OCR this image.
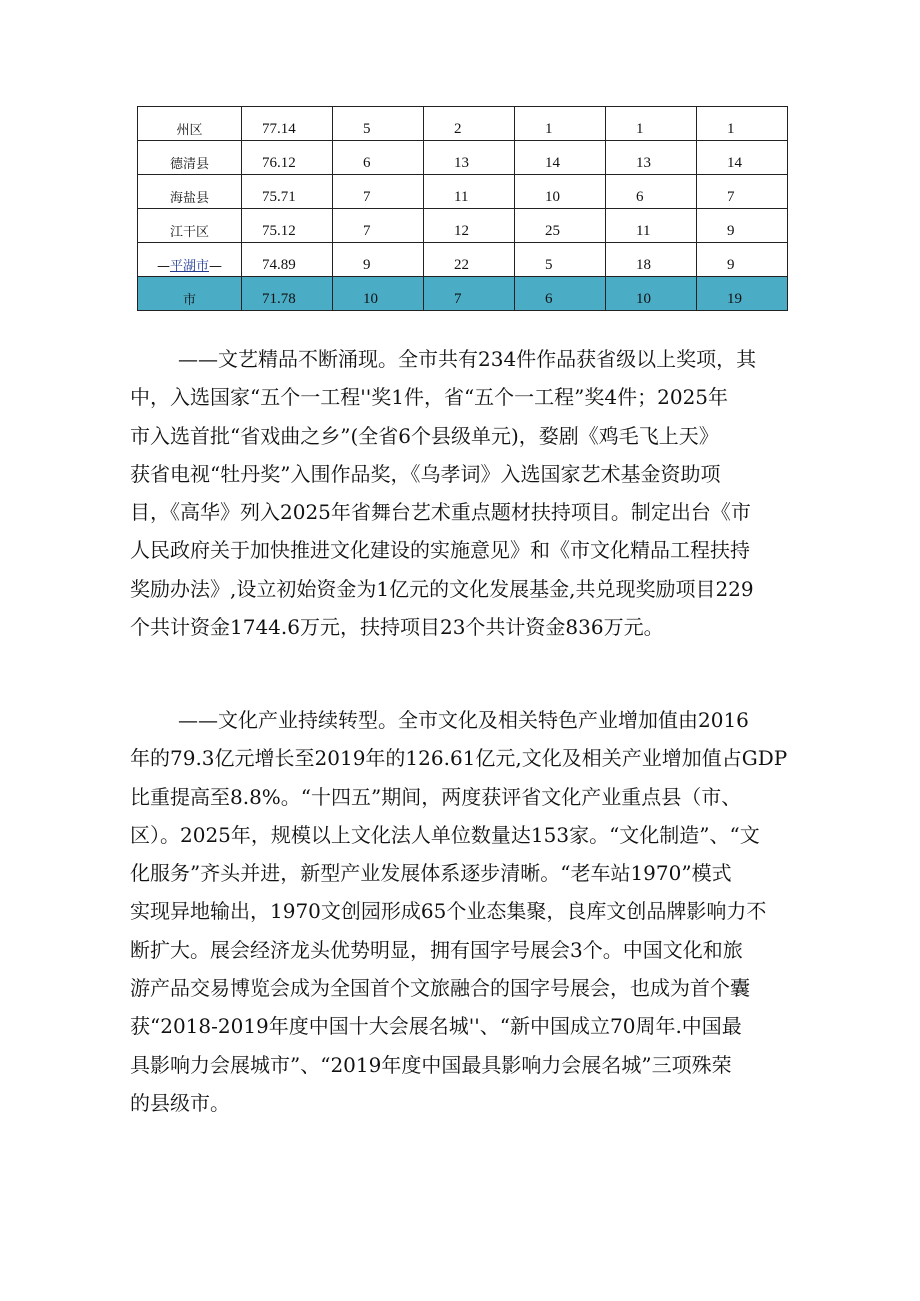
州区	77.14	5	2	1	1	1
德清县	76.12	6	13	14	13	14
海盐县	75.71	7	11	10	6	7
江干区	75.12	7	12	25	11	9
—平湖市—	74.89	9	22	5	18	9
市	71.78	10	7	6	10	19
——文艺精品不断涌现。全市共有234件作品获省级以上奖项，其
中，入选国家“五个一工程''奖1件，省“五个一工程”奖4件；2025年
市入选首批“省戏曲之乡”(全省6个县级单元)，婺剧《鸡毛飞上天》
获省电视“牡丹奖”入围作品奖，《乌孝词》入选国家艺术基金资助项
目，《高华》列入2025年省舞台艺术重点题材扶持项目。制定出台《市
人民政府关于加快推进文化建设的实施意见》和《市文化精品工程扶持
奖励办法》,设立初始资金为1亿元的文化发展基金,共兑现奖励项目229
个共计资金1744.6万元，扶持项目23个共计资金836万元。
——文化产业持续转型。全市文化及相关特色产业增加值由2016
年的79.3亿元增长至2019年的126.61亿元,文化及相关产业增加值占GDP
比重提高至8.8%。“十四五”期间，两度获评省文化产业重点县（市、
区）。2025年，规模以上文化法人单位数量达153家。“文化制造”、“文
化服务”齐头并进，新型产业发展体系逐步清晰。“老车站1970”模式
实现异地输出，1970文创园形成65个业态集聚，良库文创品牌影响力不
断扩大。展会经济龙头优势明显，拥有国字号展会3个。中国文化和旅
游产品交易博览会成为全国首个文旅融合的国字号展会，也成为首个囊
获“2018-2019年度中国十大会展名城''、“新中国成立70周年.中国最
具影响力会展城市”、“2019年度中国最具影响力会展名城”三项殊荣
的县级市。
